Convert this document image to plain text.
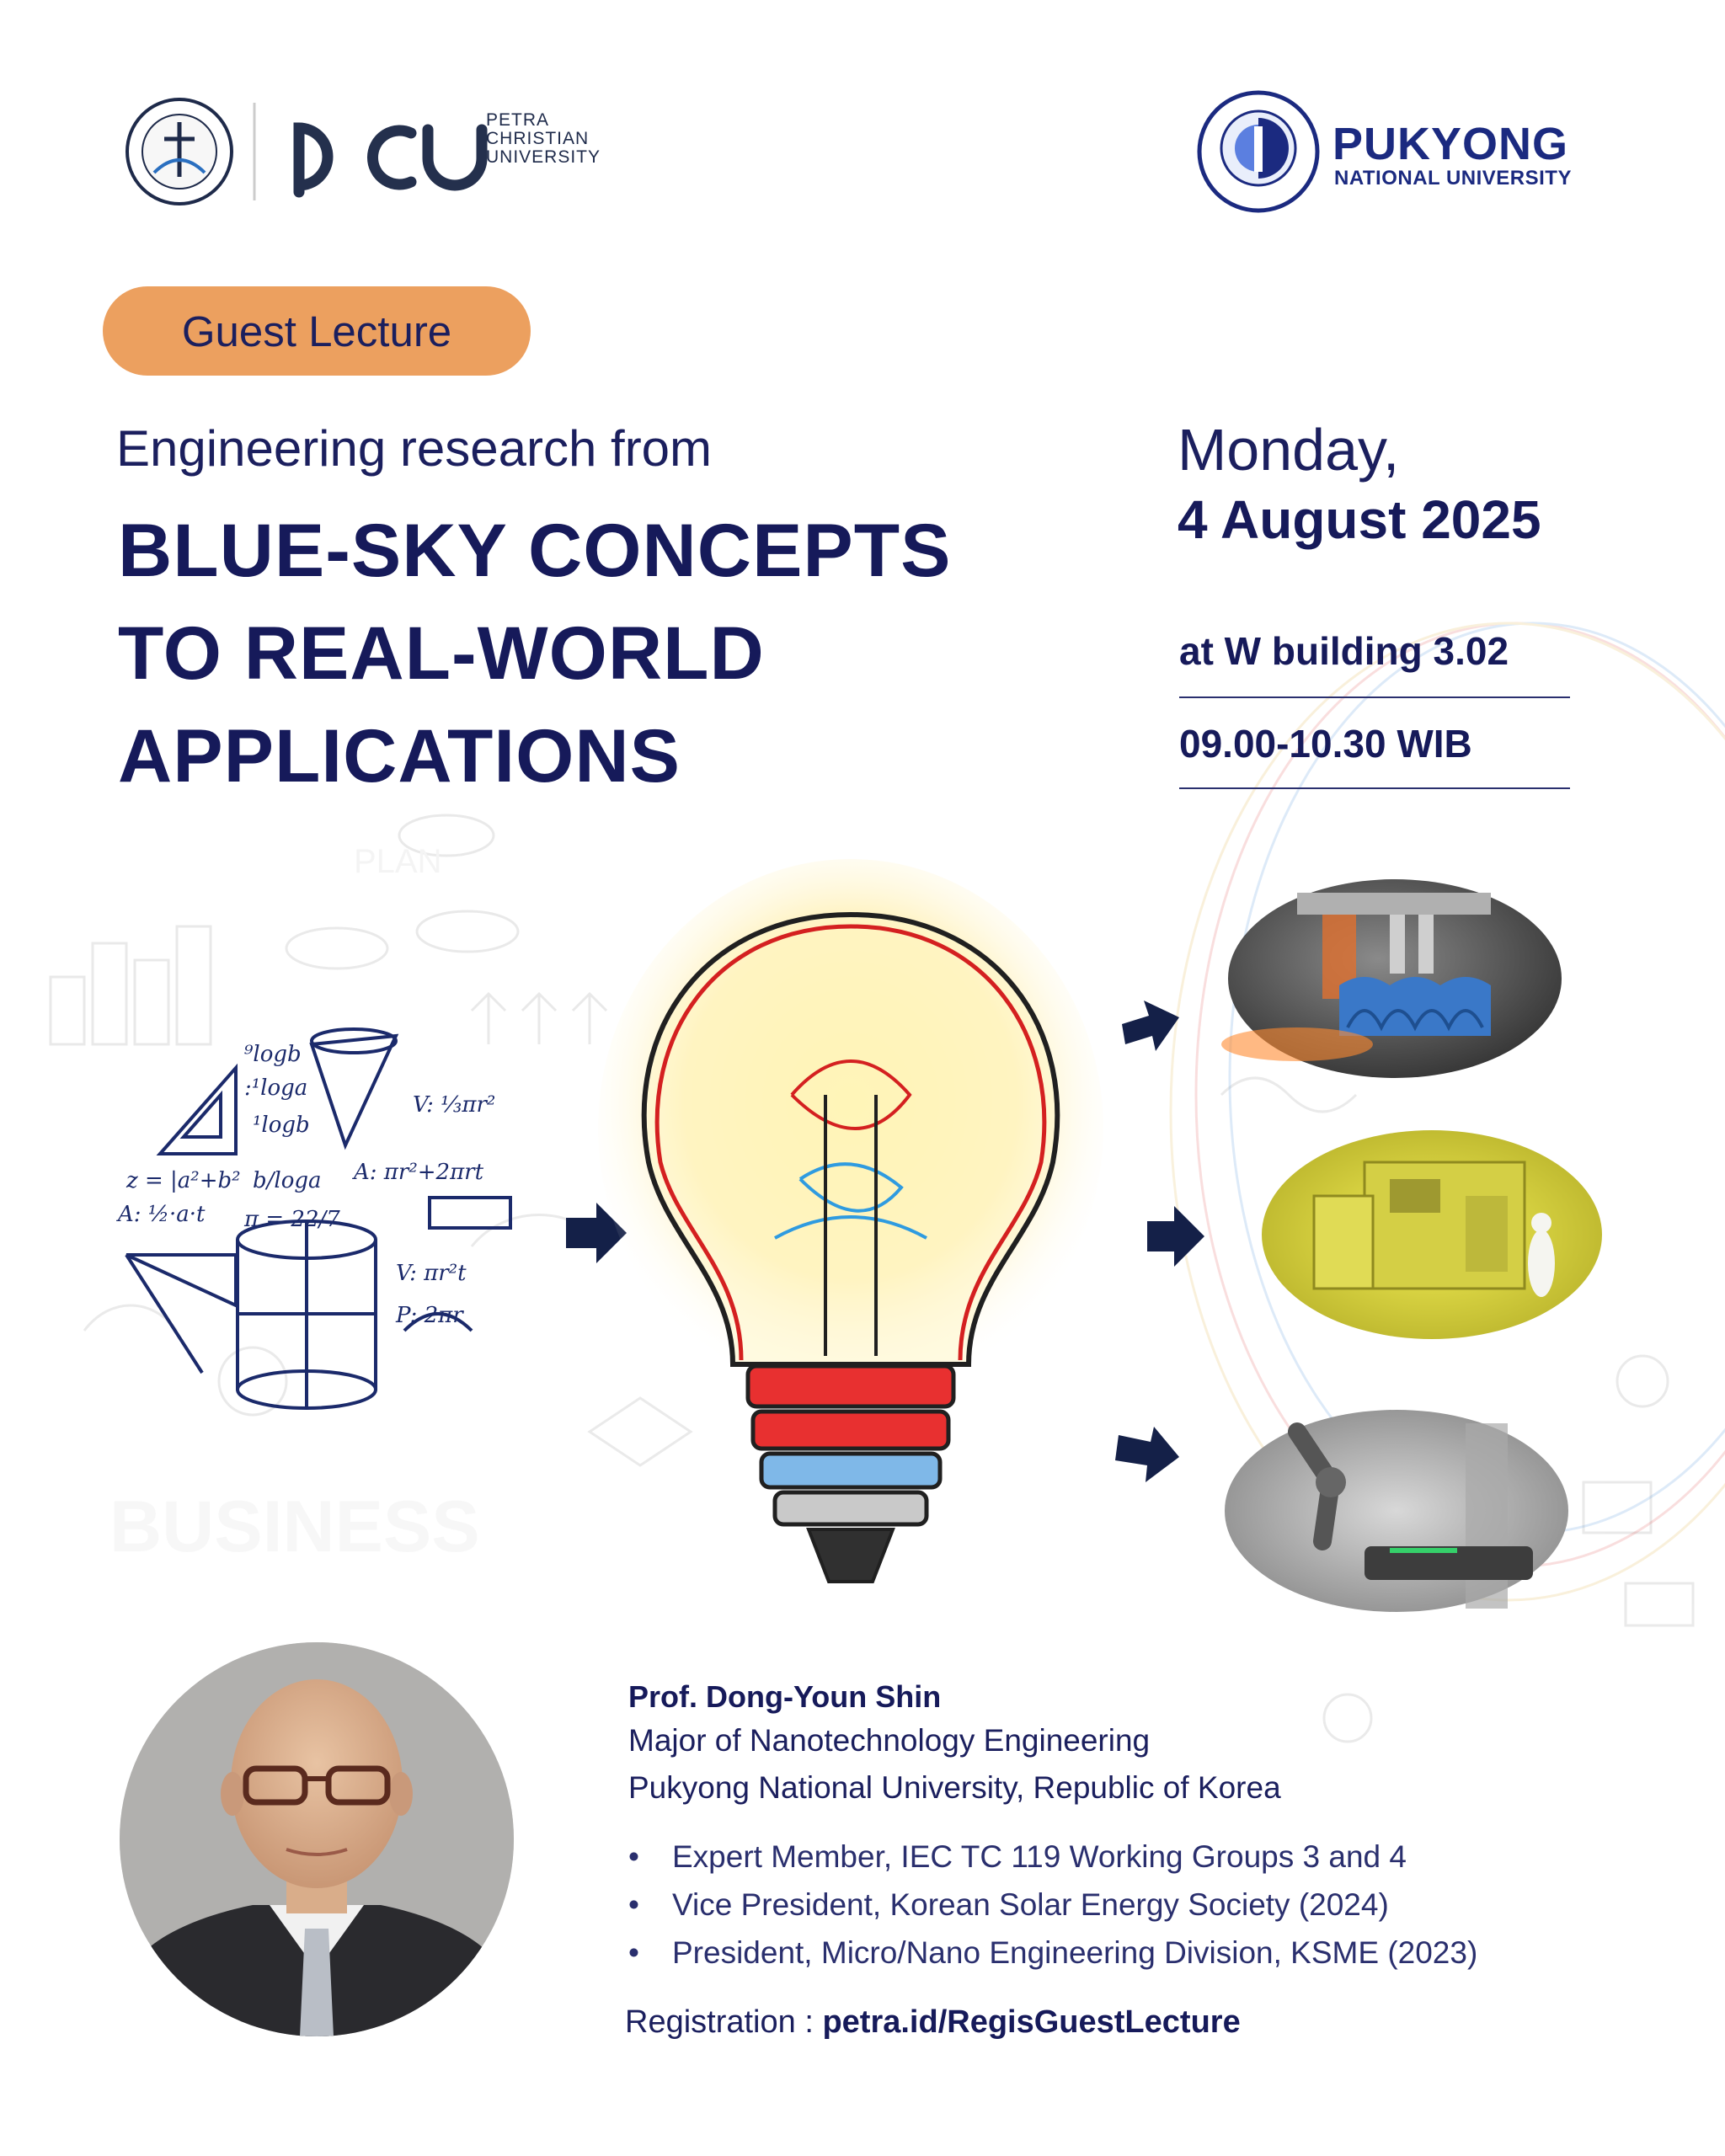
BUSINESS
PLAN
⁹logb
:¹loga
¹logb
b/loga
z = |a²+b²
A: ½·a·t
V: ⅓πr²
A: πr²+2πrt
V: πr²t
P: 2πr
π = 22/7
PETRA
CHRISTIAN
UNIVERSITY	PUKYONG
NATIONAL UNIVERSITY
Guest Lecture
Engineering research from
BLUE-SKY CONCEPTS
TO REAL-WORLD
APPLICATIONS
Monday,
4 August 2025
at W building 3.02
09.00-10.30 WIB
Prof. Dong-Youn Shin
Major of Nanotechnology Engineering
Pukyong National University, Republic of Korea
• Expert Member, IEC TC 119 Working Groups 3 and 4
• Vice President, Korean Solar Energy Society (2024)
• President, Micro/Nano Engineering Division, KSME (2023)
Registration : petra.id/RegisGuestLecture
